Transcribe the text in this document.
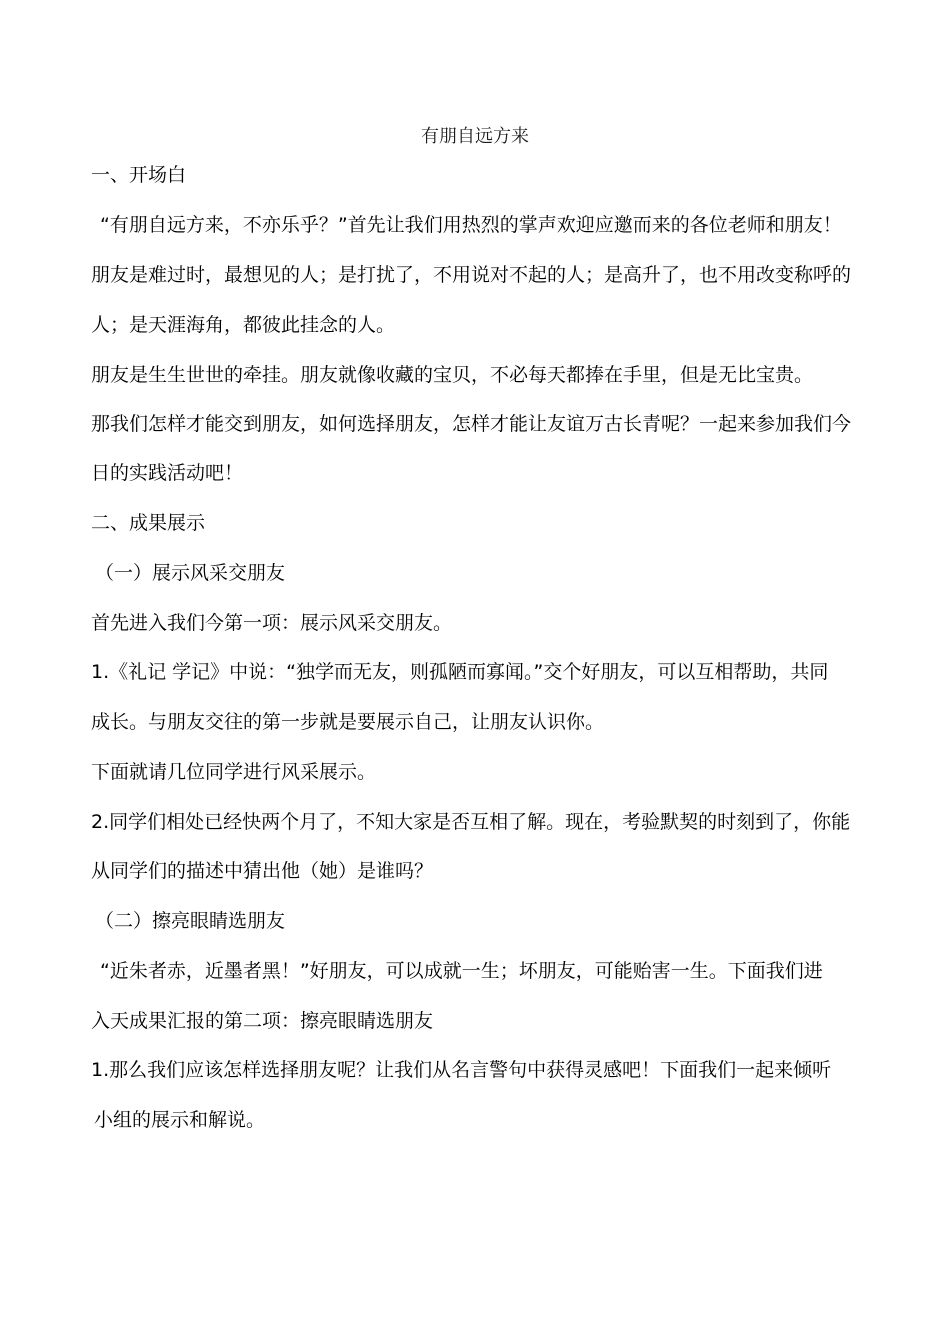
有朋自远方来
一、开场白
“有朋自远方来，不亦乐乎？”首先让我们用热烈的掌声欢迎应邀而来的各位老师和朋友！
朋友是难过时，最想见的人；是打扰了，不用说对不起的人；是高升了，也不用改变称呼的
人；是天涯海角，都彼此挂念的人。
朋友是生生世世的牵挂。朋友就像收藏的宝贝，不必每天都捧在手里，但是无比宝贵。
那我们怎样才能交到朋友，如何选择朋友，怎样才能让友谊万古长青呢？一起来参加我们今
日的实践活动吧！
二、成果展示
（一）展示风采交朋友
首先进入我们今第一项：展示风采交朋友。
1.《礼记 学记》中说：“独学而无友，则孤陋而寡闻。”交个好朋友，可以互相帮助，共同
成长。与朋友交往的第一步就是要展示自己，让朋友认识你。
下面就请几位同学进行风采展示。
2.同学们相处已经快两个月了，不知大家是否互相了解。现在，考验默契的时刻到了，你能
从同学们的描述中猜出他（她）是谁吗？
（二）擦亮眼睛选朋友
“近朱者赤，近墨者黑！”好朋友，可以成就一生；坏朋友，可能贻害一生。下面我们进
入天成果汇报的第二项：擦亮眼睛选朋友
1.那么我们应该怎样选择朋友呢？让我们从名言警句中获得灵感吧！下面我们一起来倾听
小组的展示和解说。
